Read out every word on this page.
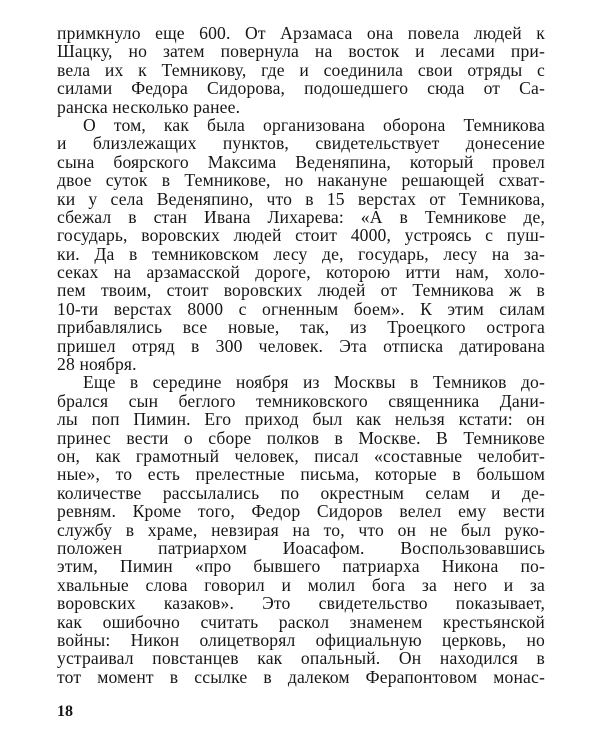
примкнуло еще 600. От Арзамаса она повела людей к
Шацку, но затем повернула на восток и лесами при-
вела их к Темникову, где и соединила свои отряды с
силами Федора Сидорова, подошедшего сюда от Са-
ранска несколько ранее.
О том, как была организована оборона Темникова
и близлежащих пунктов, свидетельствует донесение
сына боярского Максима Веденяпина, который провел
двое суток в Темникове, но накануне решающей схват-
ки у села Веденяпино, что в 15 верстах от Темникова,
сбежал в стан Ивана Лихарева: «А в Темникове де,
государь, воровских людей стоит 4000, устроясь с пуш-
ки. Да в темниковском лесу де, государь, лесу на за-
секах на арзамасской дороге, которою итти нам, холо-
пем твоим, стоит воровских людей от Темникова ж в
10-ти верстах 8000 с огненным боем». К этим силам
прибавлялись все новые, так, из Троецкого острога
пришел отряд в 300 человек. Эта отписка датирована
28 ноября.
Еще в середине ноября из Москвы в Темников до-
брался сын беглого темниковского священника Дани-
лы поп Пимин. Его приход был как нельзя кстати: он
принес вести о сборе полков в Москве. В Темникове
он, как грамотный человек, писал «составные челобит-
ные», то есть прелестные письма, которые в большом
количестве рассылались по окрестным селам и де-
ревням. Кроме того, Федор Сидоров велел ему вести
службу в храме, невзирая на то, что он не был руко-
положен патриархом Иоасафом. Воспользовавшись
этим, Пимин «про бывшего патриарха Никона по-
хвальные слова говорил и молил бога за него и за
воровских казаков». Это свидетельство показывает,
как ошибочно считать раскол знаменем крестьянской
войны: Никон олицетворял официальную церковь, но
устраивал повстанцев как опальный. Он находился в
тот момент в ссылке в далеком Ферапонтовом монас-
18
